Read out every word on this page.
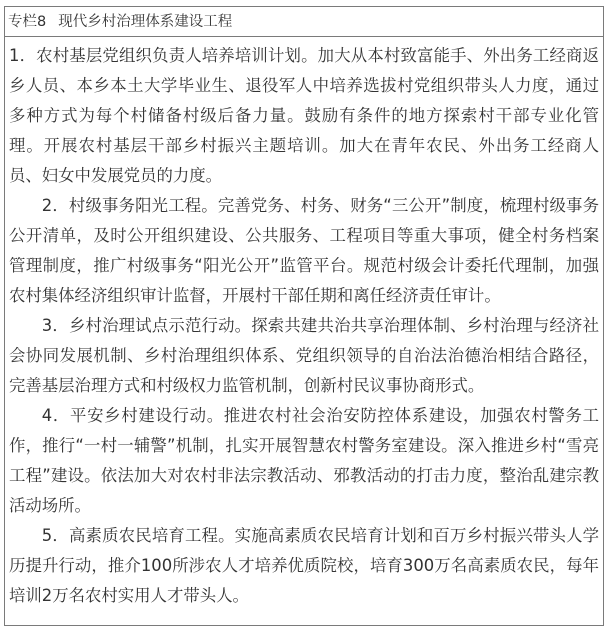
专栏8 现代乡村治理体系建设工程

1．农村基层党组织负责人培养培训计划。加大从本村致富能手、外出务工经商返乡人员、本乡本土大学毕业生、退役军人中培养选拔村党组织带头人力度，通过多种方式为每个村储备村级后备力量。鼓励有条件的地方探索村干部专业化管理。开展农村基层干部乡村振兴主题培训。加大在青年农民、外出务工经商人员、妇女中发展党员的力度。

2．村级事务阳光工程。完善党务、村务、财务“三公开”制度，梳理村级事务公开清单，及时公开组织建设、公共服务、工程项目等重大事项，健全村务档案管理制度，推广村级事务“阳光公开”监管平台。规范村级会计委托代理制，加强农村集体经济组织审计监督，开展村干部任期和离任经济责任审计。

3．乡村治理试点示范行动。探索共建共治共享治理体制、乡村治理与经济社会协同发展机制、乡村治理组织体系、党组织领导的自治法治德治相结合路径，完善基层治理方式和村级权力监管机制，创新村民议事协商形式。

4．平安乡村建设行动。推进农村社会治安防控体系建设，加强农村警务工作，推行“一村一辅警”机制，扎实开展智慧农村警务室建设。深入推进乡村“雪亮工程”建设。依法加大对农村非法宗教活动、邪教活动的打击力度，整治乱建宗教活动场所。

5．高素质农民培育工程。实施高素质农民培育计划和百万乡村振兴带头人学历提升行动，推介100所涉农人才培养优质院校，培育300万名高素质农民，每年培训2万名农村实用人才带头人。
